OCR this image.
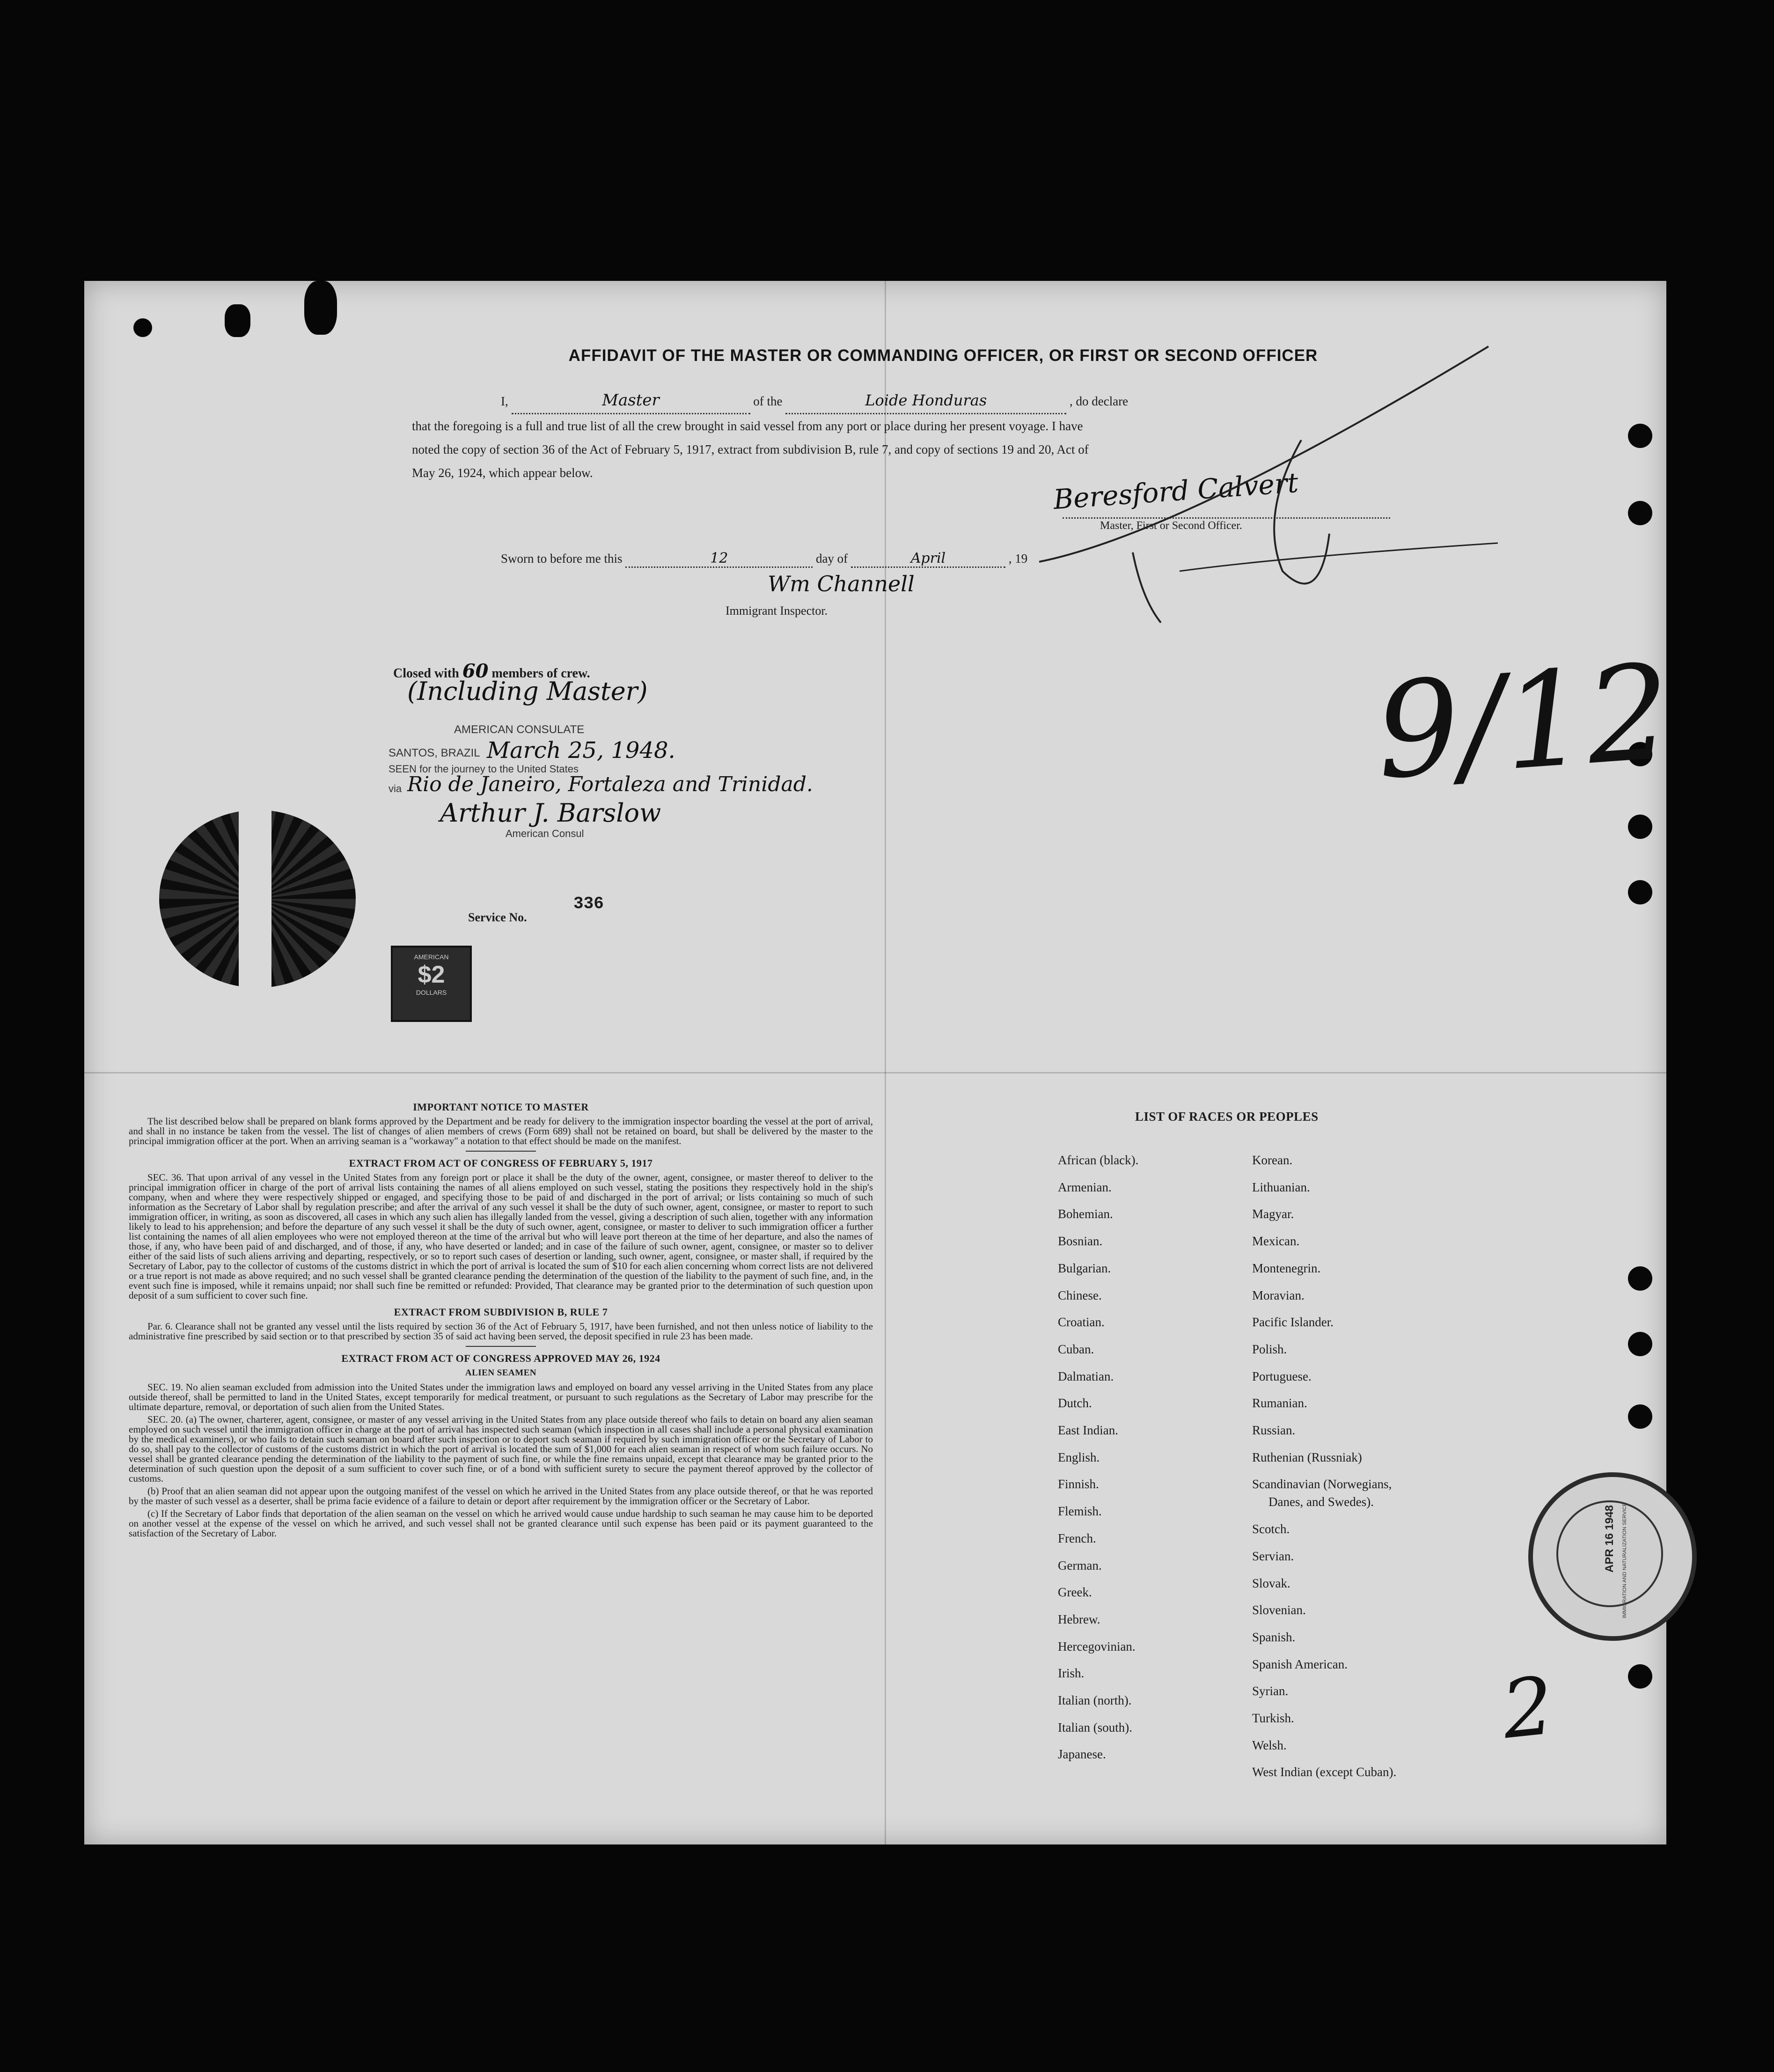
AFFIDAVIT OF THE MASTER OR COMMANDING OFFICER, OR FIRST OR SECOND OFFICER
I,	Master	of the	Loide Honduras	, do declare
that the foregoing is a full and true list of all the crew brought in said vessel from any port or place during her present voyage. I have
noted the copy of section 36 of the Act of February 5, 1917, extract from subdivision B, rule 7, and copy of sections 19 and 20, Act of
May 26, 1924, which appear below.	Beresford Calvert
Master, First or Second Officer.
Sworn to before me this	12	day of	April	, 19
Wm Channell
Immigrant Inspector.
Closed with 60 members of crew.
(Including Master)
AMERICAN CONSULATE
SANTOS, BRAZIL March 25, 1948.
SEEN for the journey to the United States
via Rio de Janeiro, Fortaleza and Trinidad.
Arthur J. Barslow
American Consul
Service No.
336
AMERICAN
$2
DOLLARS
9/12
IMPORTANT NOTICE TO MASTER

The list described below shall be prepared on blank forms approved by the Department and be ready for delivery to the immigration inspector boarding the vessel at the port of arrival, and shall in no instance be taken from the vessel. The list of changes of alien members of crews (Form 689) shall not be retained on board, but shall be delivered by the master to the principal immigration officer at the port. When an arriving seaman is a "workaway" a notation to that effect should be made on the manifest.

EXTRACT FROM ACT OF CONGRESS OF FEBRUARY 5, 1917

SEC. 36. That upon arrival of any vessel in the United States from any foreign port or place it shall be the duty of the owner, agent, consignee, or master thereof to deliver to the principal immigration officer in charge of the port of arrival lists containing the names of all aliens employed on such vessel, stating the positions they respectively hold in the ship's company, when and where they were respectively shipped or engaged, and specifying those to be paid of and discharged in the port of arrival; or lists containing so much of such information as the Secretary of Labor shall by regulation prescribe; and after the arrival of any such vessel it shall be the duty of such owner, agent, consignee, or master to report to such immigration officer, in writing, as soon as discovered, all cases in which any such alien has illegally landed from the vessel, giving a description of such alien, together with any information likely to lead to his apprehension; and before the departure of any such vessel it shall be the duty of such owner, agent, consignee, or master to deliver to such immigration officer a further list containing the names of all alien employees who were not employed thereon at the time of the arrival but who will leave port thereon at the time of her departure, and also the names of those, if any, who have been paid of and discharged, and of those, if any, who have deserted or landed; and in case of the failure of such owner, agent, consignee, or master so to deliver either of the said lists of such aliens arriving and departing, respectively, or so to report such cases of desertion or landing, such owner, agent, consignee, or master shall, if required by the Secretary of Labor, pay to the collector of customs of the customs district in which the port of arrival is located the sum of $10 for each alien concerning whom correct lists are not delivered or a true report is not made as above required; and no such vessel shall be granted clearance pending the determination of the question of the liability to the payment of such fine, and, in the event such fine is imposed, while it remains unpaid; nor shall such fine be remitted or refunded: Provided, That clearance may be granted prior to the determination of such question upon deposit of a sum sufficient to cover such fine.

EXTRACT FROM SUBDIVISION B, RULE 7

Par. 6. Clearance shall not be granted any vessel until the lists required by section 36 of the Act of February 5, 1917, have been furnished, and not then unless notice of liability to the administrative fine prescribed by said section or to that prescribed by section 35 of said act having been served, the deposit specified in rule 23 has been made.

EXTRACT FROM ACT OF CONGRESS APPROVED MAY 26, 1924
ALIEN SEAMEN

SEC. 19. No alien seaman excluded from admission into the United States under the immigration laws and employed on board any vessel arriving in the United States from any place outside thereof, shall be permitted to land in the United States, except temporarily for medical treatment, or pursuant to such regulations as the Secretary of Labor may prescribe for the ultimate departure, removal, or deportation of such alien from the United States.

SEC. 20. (a) The owner, charterer, agent, consignee, or master of any vessel arriving in the United States from any place outside thereof who fails to detain on board any alien seaman employed on such vessel until the immigration officer in charge at the port of arrival has inspected such seaman (which inspection in all cases shall include a personal physical examination by the medical examiners), or who fails to detain such seaman on board after such inspection or to deport such seaman if required by such immigration officer or the Secretary of Labor to do so, shall pay to the collector of customs of the customs district in which the port of arrival is located the sum of $1,000 for each alien seaman in respect of whom such failure occurs. No vessel shall be granted clearance pending the determination of the liability to the payment of such fine, or while the fine remains unpaid, except that clearance may be granted prior to the determination of such question upon the deposit of a sum sufficient to cover such fine, or of a bond with sufficient surety to secure the payment thereof approved by the collector of customs.

(b) Proof that an alien seaman did not appear upon the outgoing manifest of the vessel on which he arrived in the United States from any place outside thereof, or that he was reported by the master of such vessel as a deserter, shall be prima facie evidence of a failure to detain or deport after requirement by the immigration officer or the Secretary of Labor.

(c) If the Secretary of Labor finds that deportation of the alien seaman on the vessel on which he arrived would cause undue hardship to such seaman he may cause him to be deported on another vessel at the expense of the vessel on which he arrived, and such vessel shall not be granted clearance until such expense has been paid or its payment guaranteed to the satisfaction of the Secretary of Labor.

LIST OF RACES OR PEOPLES
African (black).
Armenian.
Bohemian.
Bosnian.
Bulgarian.
Chinese.
Croatian.
Cuban.
Dalmatian.
Dutch.
East Indian.
English.
Finnish.
Flemish.
French.
German.
Greek.
Hebrew.
Hercegovinian.
Irish.
Italian (north).
Italian (south).
Japanese.
Korean.
Lithuanian.
Magyar.
Mexican.
Montenegrin.
Moravian.
Pacific Islander.
Polish.
Portuguese.
Rumanian.
Russian.
Ruthenian (Russniak)
Scandinavian (Norwegians,
Danes, and Swedes).
Scotch.
Servian.
Slovak.
Slovenian.
Spanish.
Spanish American.
Syrian.
Turkish.
Welsh.
West Indian (except Cuban).
APR 16 1948 IMMIGRATION AND NATURALIZATION SERVICE
2
